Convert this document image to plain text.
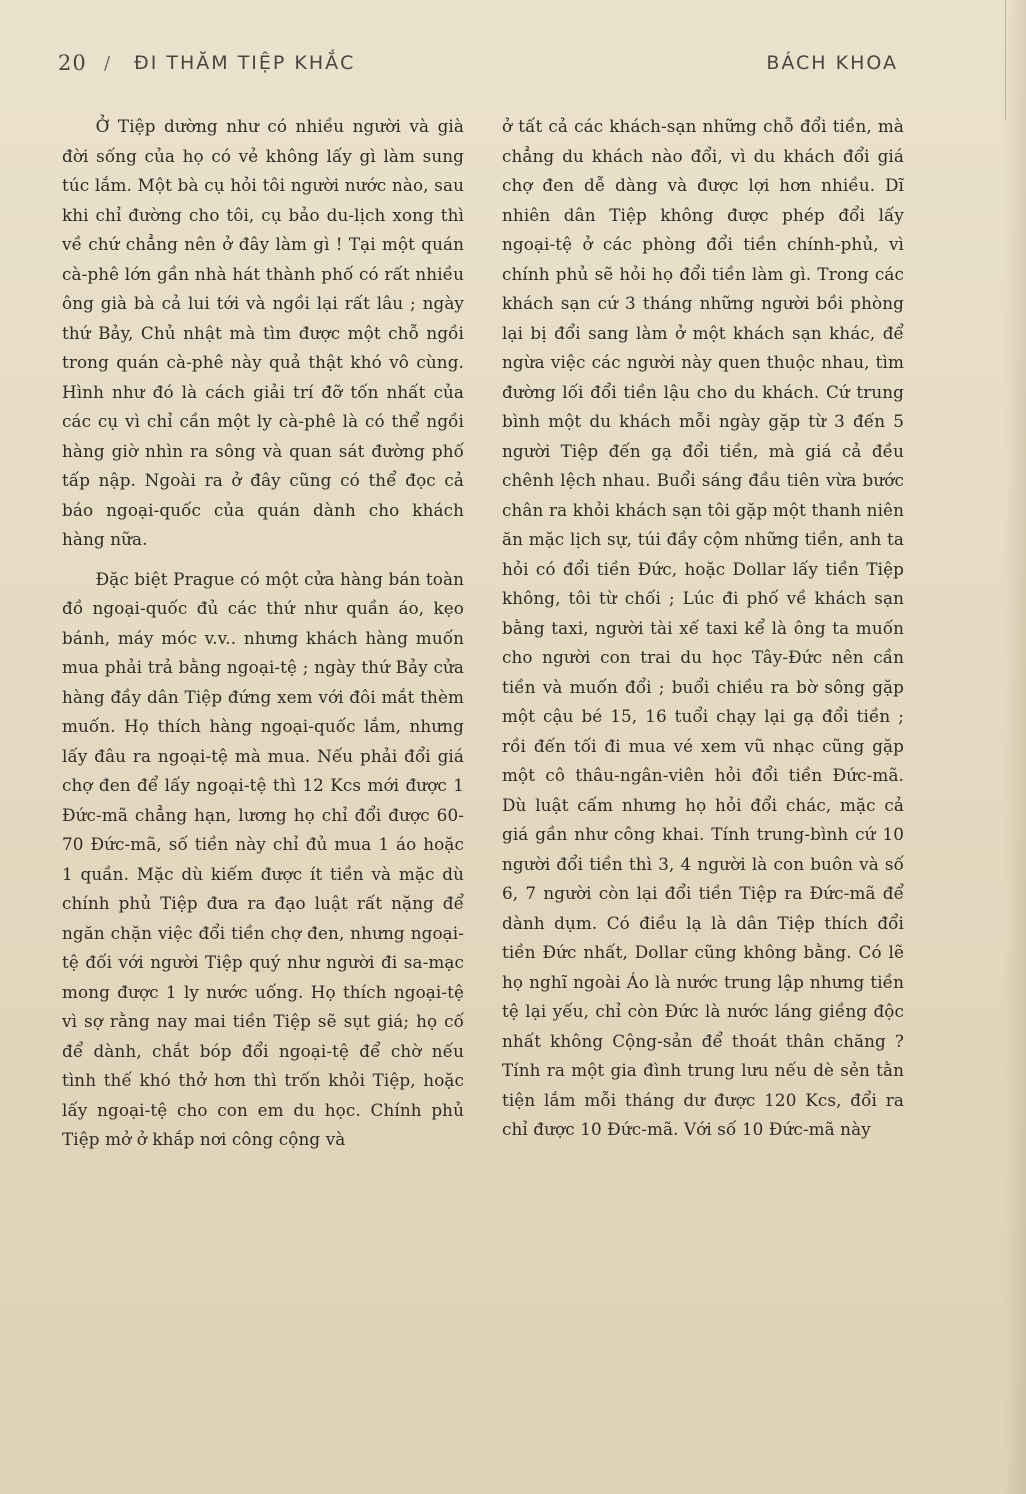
20 /	ĐI THĂM TIỆP KHẮC	BÁCH KHOA

Ở Tiệp dường như có nhiều người và già đời sống của họ có vẻ không lấy gì làm sung túc lắm. Một bà cụ hỏi tôi người nước nào, sau khi chỉ đường cho tôi, cụ bảo du-lịch xong thì về chứ chẳng nên ở đây làm gì ! Tại một quán cà-phê lớn gần nhà hát thành phố có rất nhiều ông già bà cả lui tới và ngồi lại rất lâu ; ngày thứ Bảy, Chủ nhật mà tìm được một chỗ ngồi trong quán cà-phê này quả thật khó vô cùng. Hình như đó là cách giải trí đỡ tốn nhất của các cụ vì chỉ cần một ly cà-phê là có thể ngồi hàng giờ nhìn ra sông và quan sát đường phố tấp nập. Ngoài ra ở đây cũng có thể đọc cả báo ngoại-quốc của quán dành cho khách hàng nữa.

Đặc biệt Prague có một cửa hàng bán toàn đồ ngoại-quốc đủ các thứ như quần áo, kẹo bánh, máy móc v.v.. nhưng khách hàng muốn mua phải trả bằng ngoại-tệ ; ngày thứ Bảy cửa hàng đầy dân Tiệp đứng xem với đôi mắt thèm muốn. Họ thích hàng ngoại-quốc lắm, nhưng lấy đâu ra ngoại-tệ mà mua. Nếu phải đổi giá chợ đen để lấy ngoại-tệ thì 12 Kcs mới được 1 Đức-mã chẳng hạn, lương họ chỉ đổi được 60-70 Đức-mã, số tiền này chỉ đủ mua 1 áo hoặc 1 quần. Mặc dù kiếm được ít tiền và mặc dù chính phủ Tiệp đưa ra đạo luật rất nặng để ngăn chặn việc đổi tiền chợ đen, nhưng ngoại-tệ đối với người Tiệp quý như người đi sa-mạc mong được 1 ly nước uống. Họ thích ngoại-tệ vì sợ rằng nay mai tiền Tiệp sẽ sụt giá; họ cố để dành, chắt bóp đổi ngoại-tệ để chờ nếu tình thế khó thở hơn thì trốn khỏi Tiệp, hoặc lấy ngoại-tệ cho con em du học. Chính phủ Tiệp mở ở khắp nơi công cộng và

ở tất cả các khách-sạn những chỗ đổi tiền, mà chẳng du khách nào đổi, vì du khách đổi giá chợ đen dễ dàng và được lợi hơn nhiều. Dĩ nhiên dân Tiệp không được phép đổi lấy ngoại-tệ ở các phòng đổi tiền chính-phủ, vì chính phủ sẽ hỏi họ đổi tiền làm gì. Trong các khách sạn cứ 3 tháng những người bồi phòng lại bị đổi sang làm ở một khách sạn khác, để ngừa việc các người này quen thuộc nhau, tìm đường lối đổi tiền lậu cho du khách. Cứ trung bình một du khách mỗi ngày gặp từ 3 đến 5 người Tiệp đến gạ đổi tiền, mà giá cả đều chênh lệch nhau. Buổi sáng đầu tiên vừa bước chân ra khỏi khách sạn tôi gặp một thanh niên ăn mặc lịch sự, túi đầy cộm những tiền, anh ta hỏi có đổi tiền Đức, hoặc Dollar lấy tiền Tiệp không, tôi từ chối ; Lúc đi phố về khách sạn bằng taxi, người tài xế taxi kể là ông ta muốn cho người con trai du học Tây-Đức nên cần tiền và muốn đổi ; buổi chiều ra bờ sông gặp một cậu bé 15, 16 tuổi chạy lại gạ đổi tiền ; rồi đến tối đi mua vé xem vũ nhạc cũng gặp một cô thâu-ngân-viên hỏi đổi tiền Đức-mã. Dù luật cấm nhưng họ hỏi đổi chác, mặc cả giá gần như công khai. Tính trung-bình cứ 10 người đổi tiền thì 3, 4 người là con buôn và số 6, 7 người còn lại đổi tiền Tiệp ra Đức-mã để dành dụm. Có điều lạ là dân Tiệp thích đổi tiền Đức nhất, Dollar cũng không bằng. Có lẽ họ nghĩ ngoài Áo là nước trung lập nhưng tiền tệ lại yếu, chỉ còn Đức là nước láng giềng độc nhất không Cộng-sản để thoát thân chăng ? Tính ra một gia đình trung lưu nếu dè sẻn tằn tiện lắm mỗi tháng dư được 120 Kcs, đổi ra chỉ được 10 Đức-mã. Với số 10 Đức-mã này
